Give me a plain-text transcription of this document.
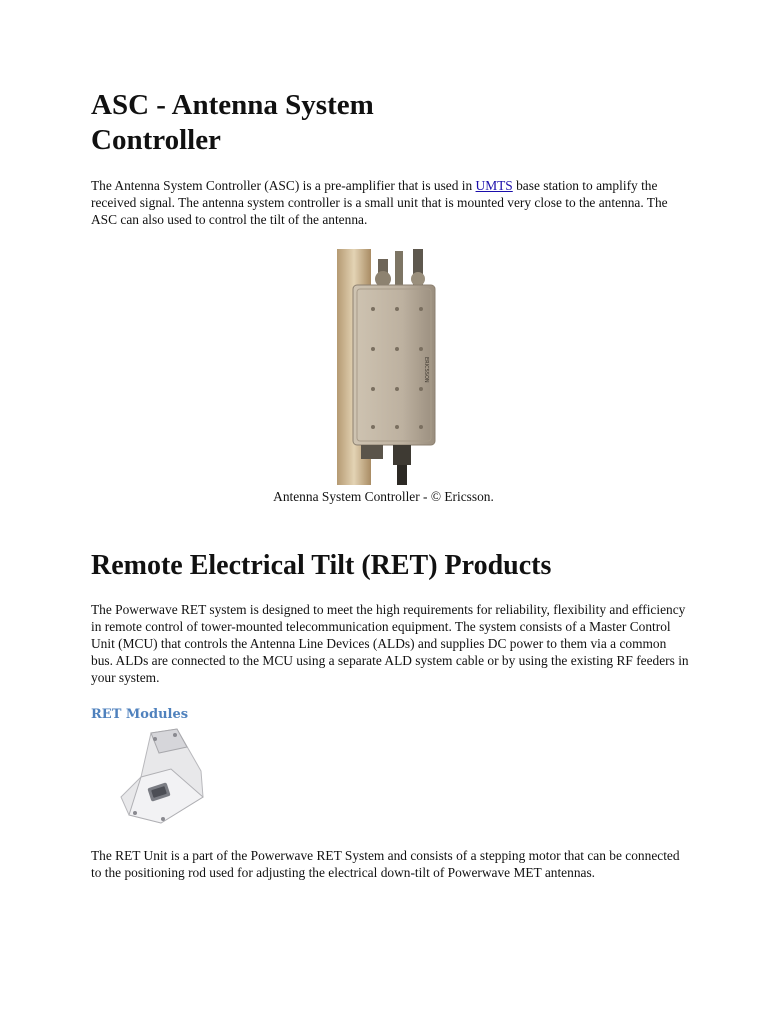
ASC - Antenna System Controller

The Antenna System Controller (ASC) is a pre-amplifier that is used in UMTS base station to amplify the received signal. The antenna system controller is a small unit that is mounted very close to the antenna. The ASC can also used to control the tilt of the antenna.

ERICSSON
Antenna System Controller - © Ericsson.
Remote Electrical Tilt (RET) Products

The Powerwave RET system is designed to meet the high requirements for reliability, flexibility and efficiency in remote control of tower-mounted telecommunication equipment. The system consists of a Master Control Unit (MCU) that controls the Antenna Line Devices (ALDs) and supplies DC power to them via a common bus. ALDs are connected to the MCU using a separate ALD system cable or by using the existing RF feeders in your system.

RET Modules

The RET Unit is a part of the Powerwave RET System and consists of a stepping motor that can be connected to the positioning rod used for adjusting the electrical down-tilt of Powerwave MET antennas.
